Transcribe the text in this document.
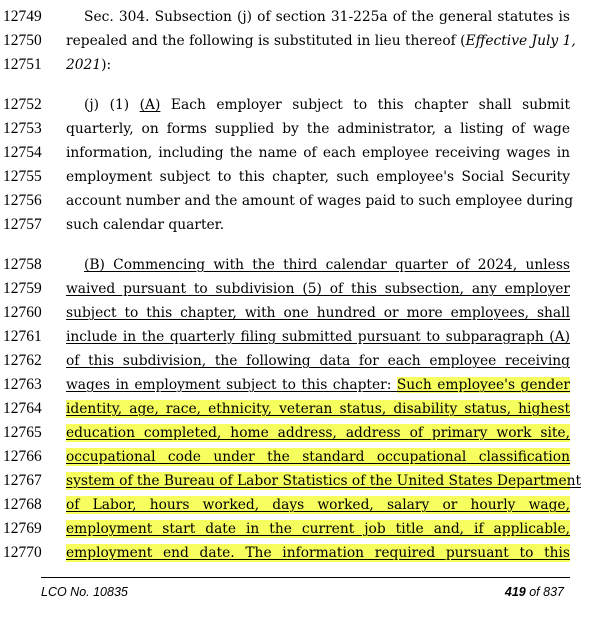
12749	Sec. 304. Subsection (j) of section 31-225a of the general statutes is
12750	repealed and the following is substituted in lieu thereof (Effective July 1,
12751	2021):
12752	(j) (1) (A) Each employer subject to this chapter shall submit
12753	quarterly, on forms supplied by the administrator, a listing of wage
12754	information, including the name of each employee receiving wages in
12755	employment subject to this chapter, such employee's Social Security
12756	account number and the amount of wages paid to such employee during
12757	such calendar quarter.
12758	(B) Commencing with the third calendar quarter of 2024, unless
12759	waived pursuant to subdivision (5) of this subsection, any employer
12760	subject to this chapter, with one hundred or more employees, shall
12761	include in the quarterly filing submitted pursuant to subparagraph (A)
12762	of this subdivision, the following data for each employee receiving
12763	wages in employment subject to this chapter: Such employee's gender
12764	identity, age, race, ethnicity, veteran status, disability status, highest
12765	education completed, home address, address of primary work site,
12766	occupational code under the standard occupational classification
12767	system of the Bureau of Labor Statistics of the United States Department
12768	of Labor, hours worked, days worked, salary or hourly wage,
12769	employment start date in the current job title and, if applicable,
12770	employment end date. The information required pursuant to this
LCO No. 10835	419 of 837
